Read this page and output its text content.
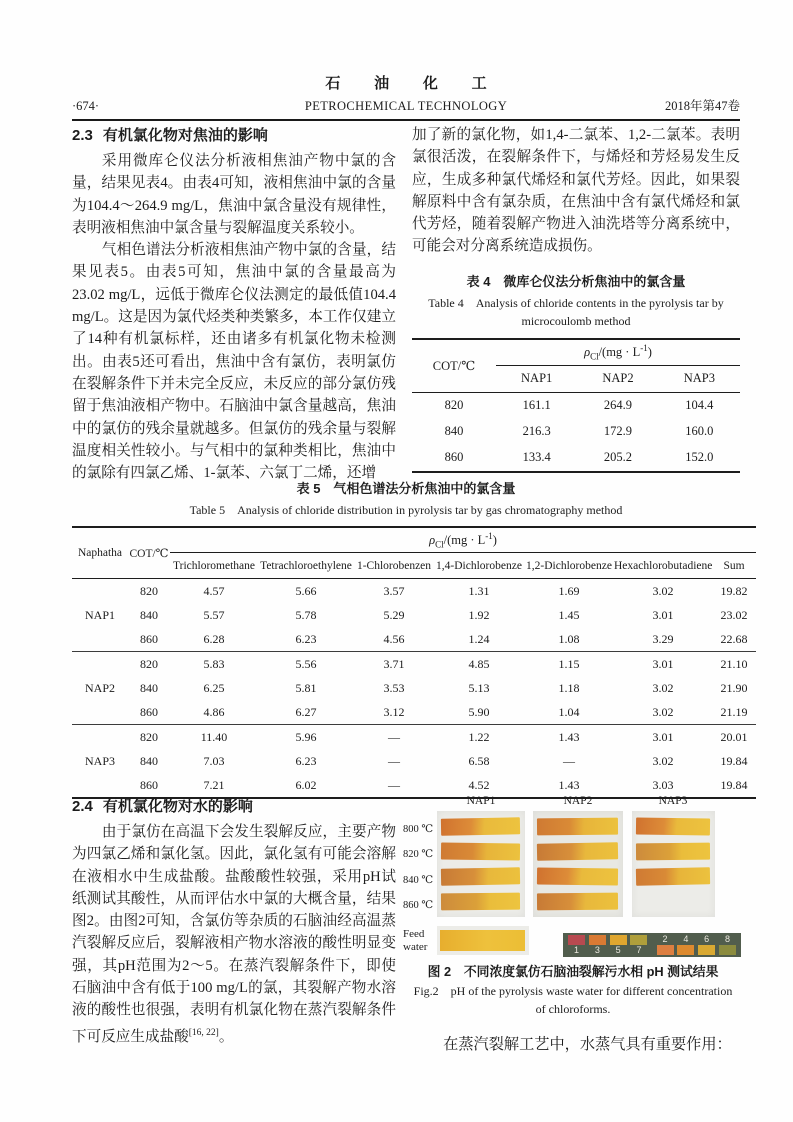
石 油 化 工
·674·	PETROCHEMICAL TECHNOLOGY	2018年第47卷
2.3 有机氯化物对焦油的影响

采用微库仑仪法分析液相焦油产物中氯的含量，结果见表4。由表4可知，液相焦油中氯的含量为104.4～264.9 mg/L，焦油中氯含量没有规律性，表明液相焦油中氯含量与裂解温度关系较小。

气相色谱法分析液相焦油产物中氯的含量，结果见表5。由表5可知，焦油中氯的含量最高为23.02 mg/L，远低于微库仑仪法测定的最低值104.4 mg/L。这是因为氯代烃类种类繁多，本工作仅建立了14种有机氯标样，还由诸多有机氯化物未检测出。由表5还可看出，焦油中含有氯仿，表明氯仿在裂解条件下并未完全反应，未反应的部分氯仿残留于焦油液相产物中。石脑油中氯含量越高，焦油中的氯仿的残余量就越多。但氯仿的残余量与裂解温度相关性较小。与气相中的氯种类相比，焦油中的氯除有四氯乙烯、1-氯苯、六氯丁二烯，还增

加了新的氯化物，如1,4-二氯苯、1,2-二氯苯。表明氯很活泼，在裂解条件下，与烯烃和芳烃易发生反应，生成多种氯代烯烃和氯代芳烃。因此，如果裂解原料中含有氯杂质，在焦油中含有氯代烯烃和氯代芳烃，随着裂解产物进入油洗塔等分离系统中，可能会对分离系统造成损伤。

表 4　微库仑仪法分析焦油中的氯含量
Table 4　Analysis of chloride contents in the pyrolysis tar by
microcoulomb method
COT/℃	$\rho_{Cl}/(mg \cdot L^{-1})$		
	NAP1	NAP2	NAP3
820	161.1	264.9	104.4
840	216.3	172.9	160.0
860	133.4	205.2	152.0
表 5　气相色谱法分析焦油中的氯含量
Table 5　Analysis of chloride distribution in pyrolysis tar by gas chromatography method
Naphatha	COT/℃	$\rho_{Cl}/(mg \cdot L^{-1})$						
		Trichloromethane	Tetrachloroethylene	1-Chlorobenzen	1,4-Dichlorobenze	1,2-Dichlorobenze	Hexachlorobutadiene	Sum
NAP1	820	4.57	5.66	3.57	1.31	1.69	3.02	19.82
	840	5.57	5.78	5.29	1.92	1.45	3.01	23.02
	860	6.28	6.23	4.56	1.24	1.08	3.29	22.68
NAP2	820	5.83	5.56	3.71	4.85	1.15	3.01	21.10
	840	6.25	5.81	3.53	5.13	1.18	3.02	21.90
	860	4.86	6.27	3.12	5.90	1.04	3.02	21.19
NAP3	820	11.40	5.96	—	1.22	1.43	3.01	20.01
	840	7.03	6.23	—	6.58	—	3.02	19.84
	860	7.21	6.02	—	4.52	1.43	3.03	19.84
2.4 有机氯化物对水的影响

由于氯仿在高温下会发生裂解反应，主要产物为四氯乙烯和氯化氢。因此，氯化氢有可能会溶解在液相水中生成盐酸。盐酸酸性较强，采用pH试纸测试其酸性，从而评估水中氯的大概含量，结果图2。由图2可知，含氯仿等杂质的石脑油经高温蒸汽裂解反应后，裂解液相产物水溶液的酸性明显变强，其pH范围为2～5。在蒸汽裂解条件下，即使石脑油中含有低于100 mg/L的氯，其裂解产物水溶液的酸性也很强，表明有机氯化物在蒸汽裂解条件下可反应生成盐酸[16, 22]。

NAP1	NAP2	NAP3
800 ℃
820 ℃
840 ℃
860 ℃
Feed
water	1 3 5 7
2 4 6 8
图 2　不同浓度氯仿石脑油裂解污水相 pH 测试结果
Fig.2　pH of the pyrolysis waste water for different concentration
of chloroforms.

在蒸汽裂解工艺中，水蒸气具有重要作用：
